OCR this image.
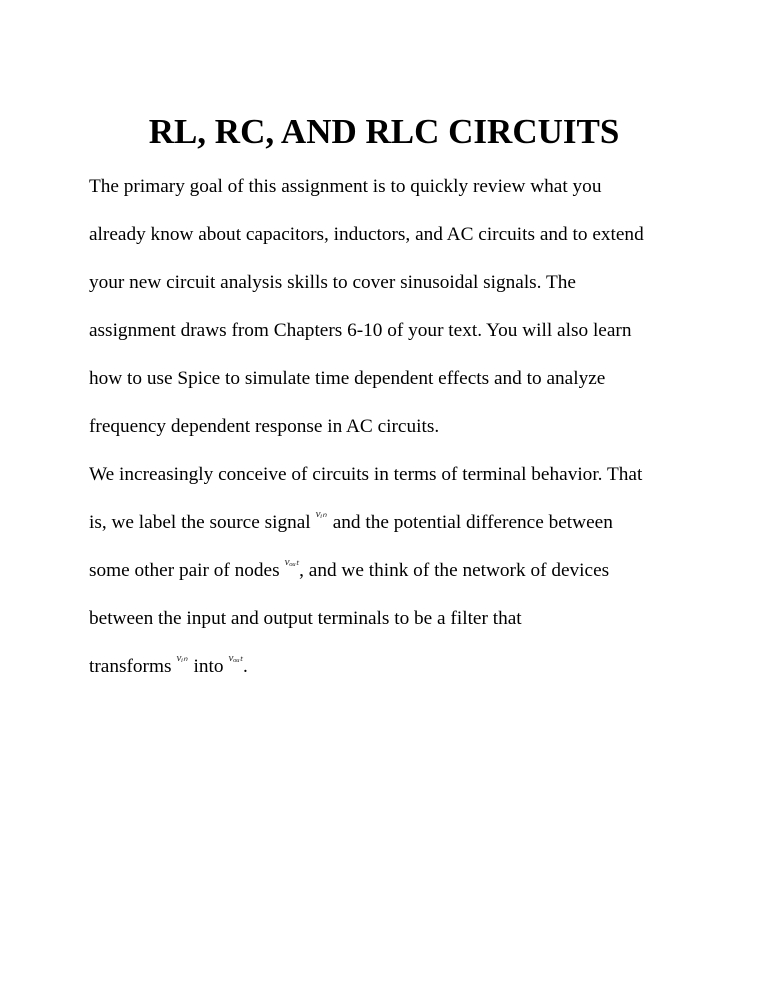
RL, RC, AND RLC CIRCUITS
The primary goal of this assignment is to quickly review what you
already know about capacitors, inductors, and AC circuits and to extend
your new circuit analysis skills to cover sinusoidal signals. The
assignment draws from Chapters 6-10 of your text. You will also learn
how to use Spice to simulate time dependent effects and to analyze
frequency dependent response in AC circuits.
We increasingly conceive of circuits in terms of terminal behavior. That
is, we label the source signal $^{vᵢ_n}$ and the potential difference between
some other pair of nodes $^{v_oᵤ_t}$, and we think of the network of devices
between the input and output terminals to be a filter that
transforms $^{vᵢ_n}$ into $^{v_oᵤ_t}$.
